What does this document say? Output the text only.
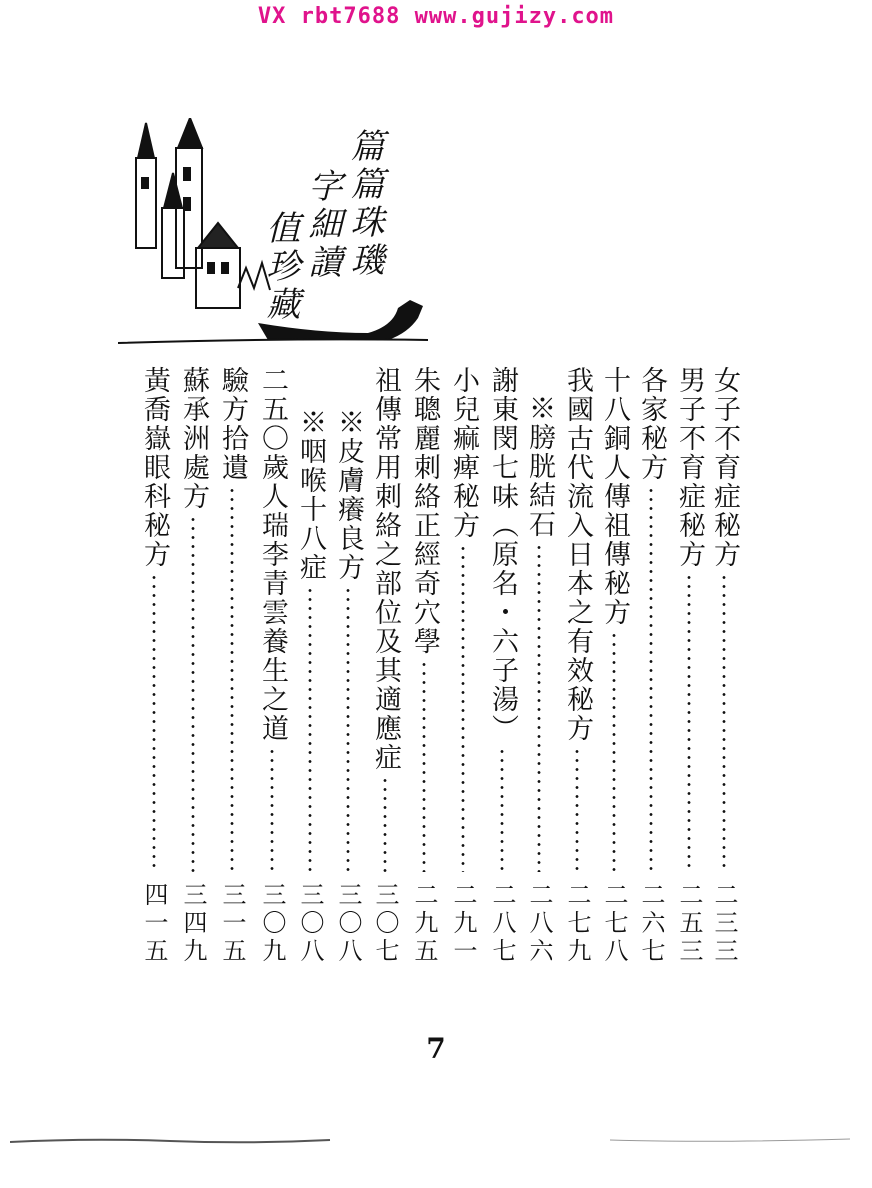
VX rbt7688 www.gujizy.com
篇篇珠璣
字細讀
值珍藏
女子不育症秘方
二三三
男子不育症秘方
二五三
各家秘方
二六七
十八銅人傳祖傳秘方
二七八
我國古代流入日本之有效秘方
二七九
※膀胱結石
二八六
謝東閔七味（原名・六子湯）
二八七
小兒痲痺秘方
二九一
朱聰麗刺絡正經奇穴學
二九五
祖傳常用刺絡之部位及其適應症
三〇七
※皮膚癢良方
三〇八
※咽喉十八症
三〇八
二五〇歲人瑞李青雲養生之道
三〇九
驗方拾遺
三一五
蘇承洲處方
三四九
黃喬嶽眼科秘方
四一五
7
